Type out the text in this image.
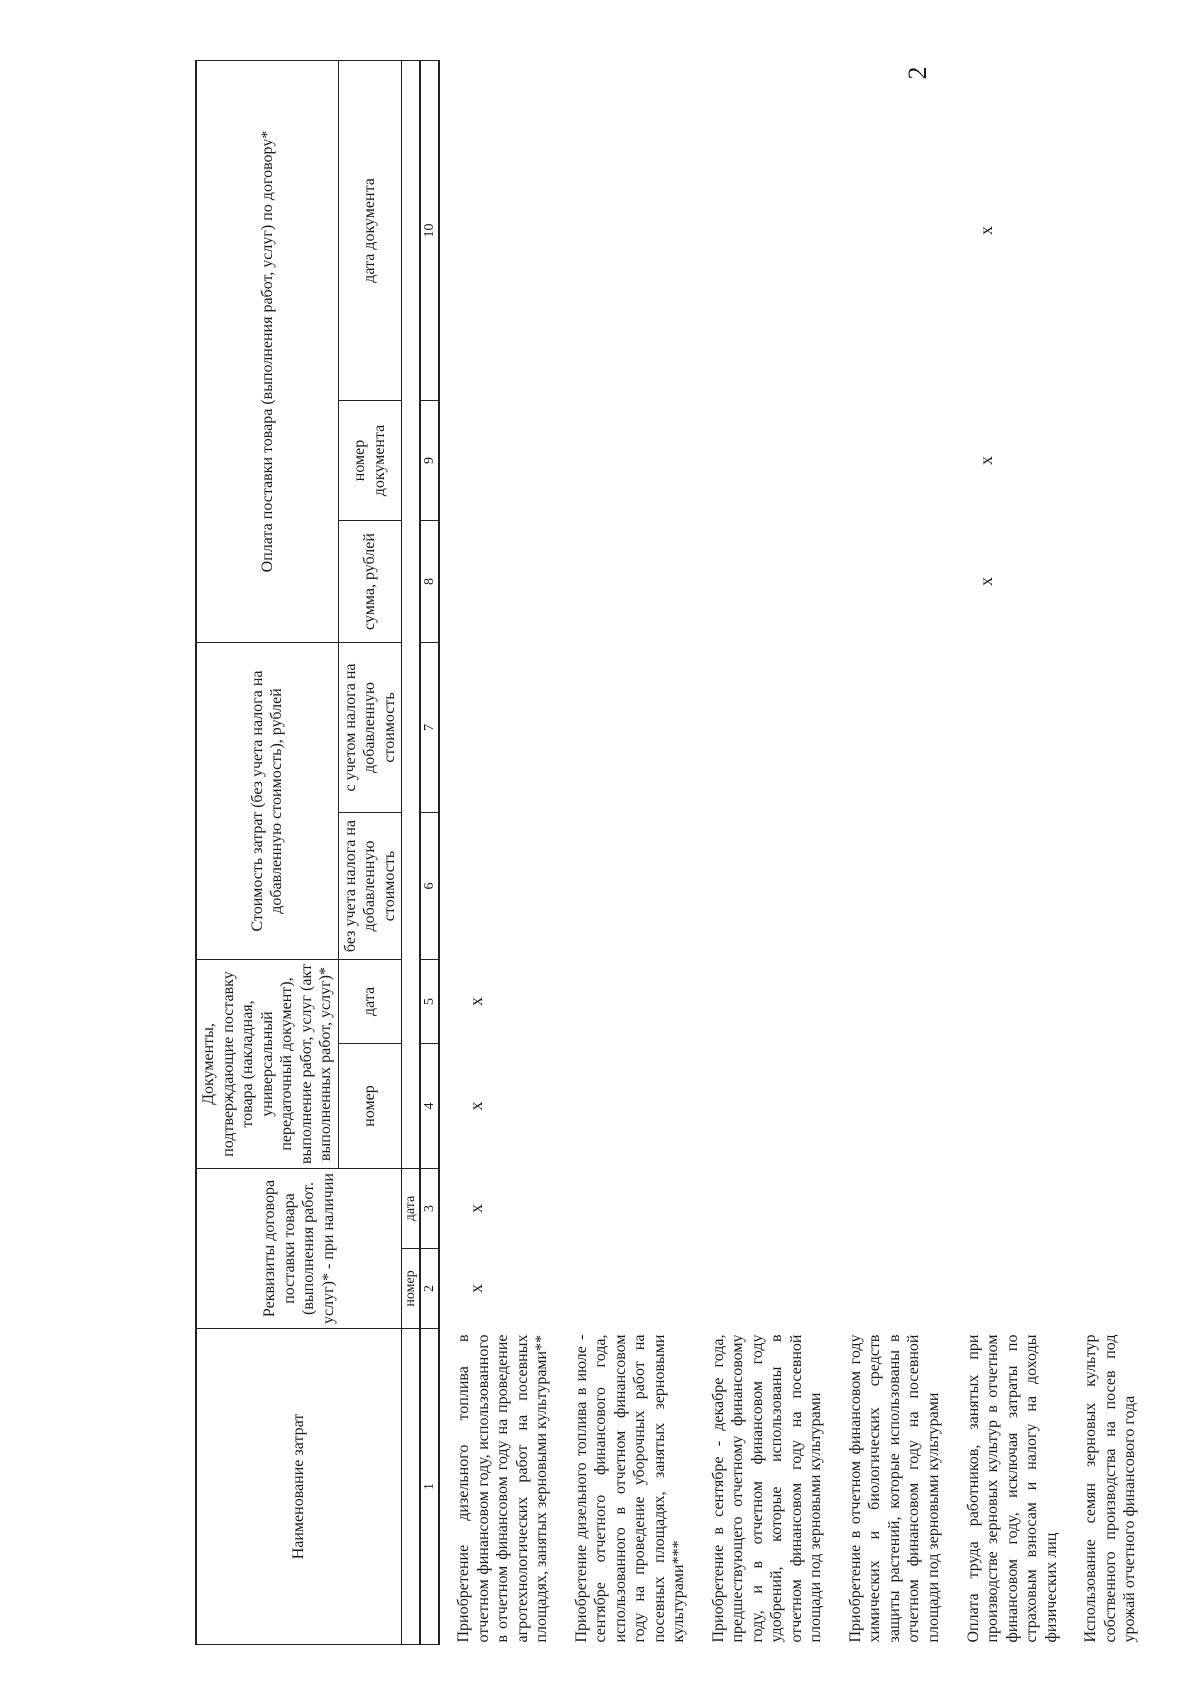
2
Наименование затрат	Реквизиты договора поставки товара (выполнения работ. услуг)* - при наличии		Документы, подтверждающие поставку товара (накладная, универсальный передаточный документ), выполнение работ, услуг (акт выполненных работ, услуг)*		Стоимость затрат (без учета налога на добавленную стоимость), рублей		Оплата поставки товара (выполнения работ, услуг) по договору*		
			номер	дата	без учета налога на добавленную стоимость	с учетом налога на добавленную стоимость	сумма, рублей	номер документа	дата документа
	номер	дата							
1	2	3	4	5	6	7	8	9	10
Приобретение дизельного топлива в отчетном финансовом году, использованного в отчетном финансовом году на проведение агротехнологических работ на посевных площадях, занятых зерновыми культурами**	х	х	х	х					
Приобретение дизельного топлива в июле - сентябре отчетного финансового года, использованного в отчетном финансовом году на проведение уборочных работ на посевных площадях, занятых зерновыми культурами***									
Приобретение в сентябре - декабре года, предшествующего отчетному финансовому году, и в отчетном финансовом году удобрений, которые использованы в отчетном финансовом году на посевной площади под зерновыми культурами									
Приобретение в отчетном финансовом году химических и биологических средств защиты растений, которые использованы в отчетном финансовом году на посевной площади под зерновыми культурами									
Оплата труда работников, занятых при производстве зерновых культур в отчетном финансовом году, исключая затраты по страховым взносам и налогу на доходы физических лиц							х	х	х
Использование семян зерновых культур собственного производства на посев под урожай отчетного финансового года									
